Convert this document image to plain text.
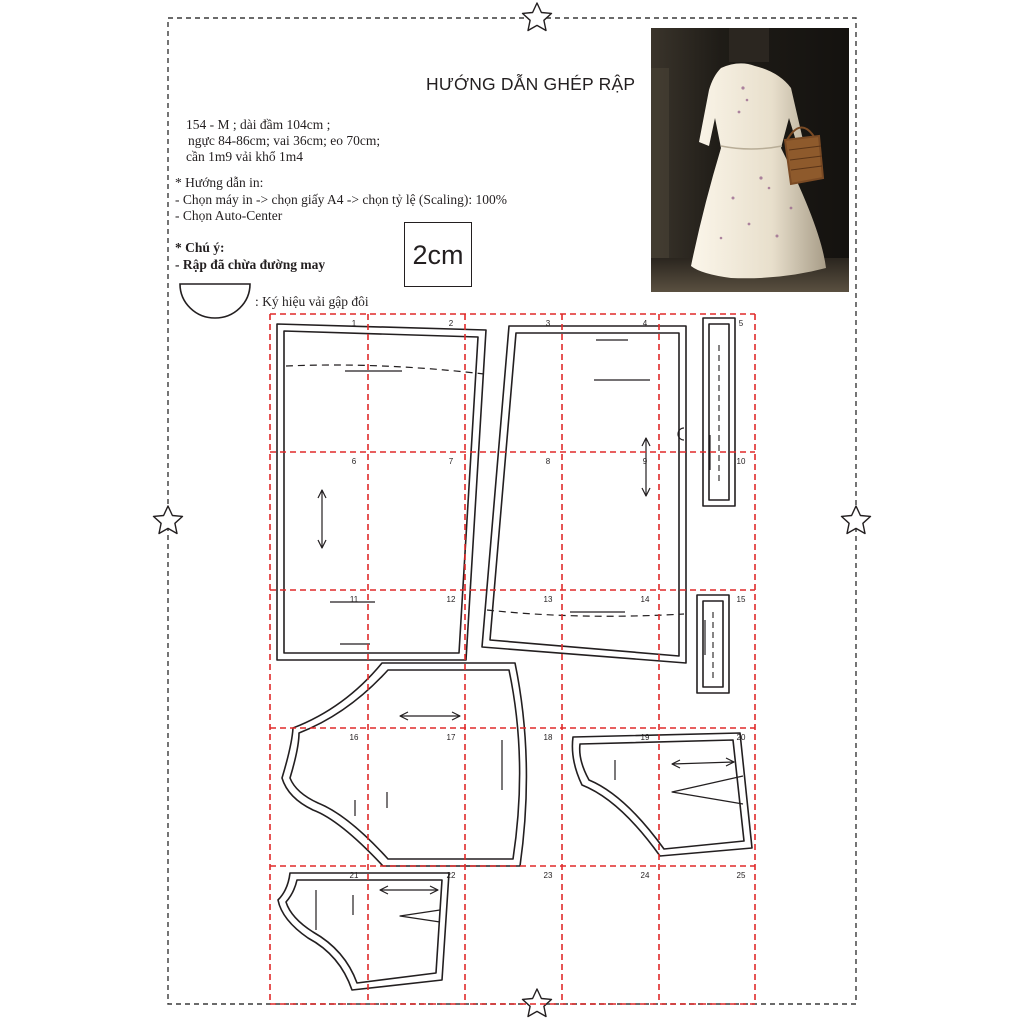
1	2	3	4	5
6	7	8	9	10
11	12	13	14	15
16	17	18	19	20
21	22	23	24	25
HƯỚNG DẪN GHÉP RẬP
154 - M ; dài đầm 104cm ;
ngực 84-86cm; vai 36cm; eo 70cm;
cần 1m9 vải khổ 1m4
* Hướng dẫn in:
- Chọn máy in -> chọn giấy A4 -> chọn tỷ lệ (Scaling): 100%
- Chọn Auto-Center
* Chú ý:
- Rập đã chừa đường may	2cm
: Ký hiệu vải gập đôi
